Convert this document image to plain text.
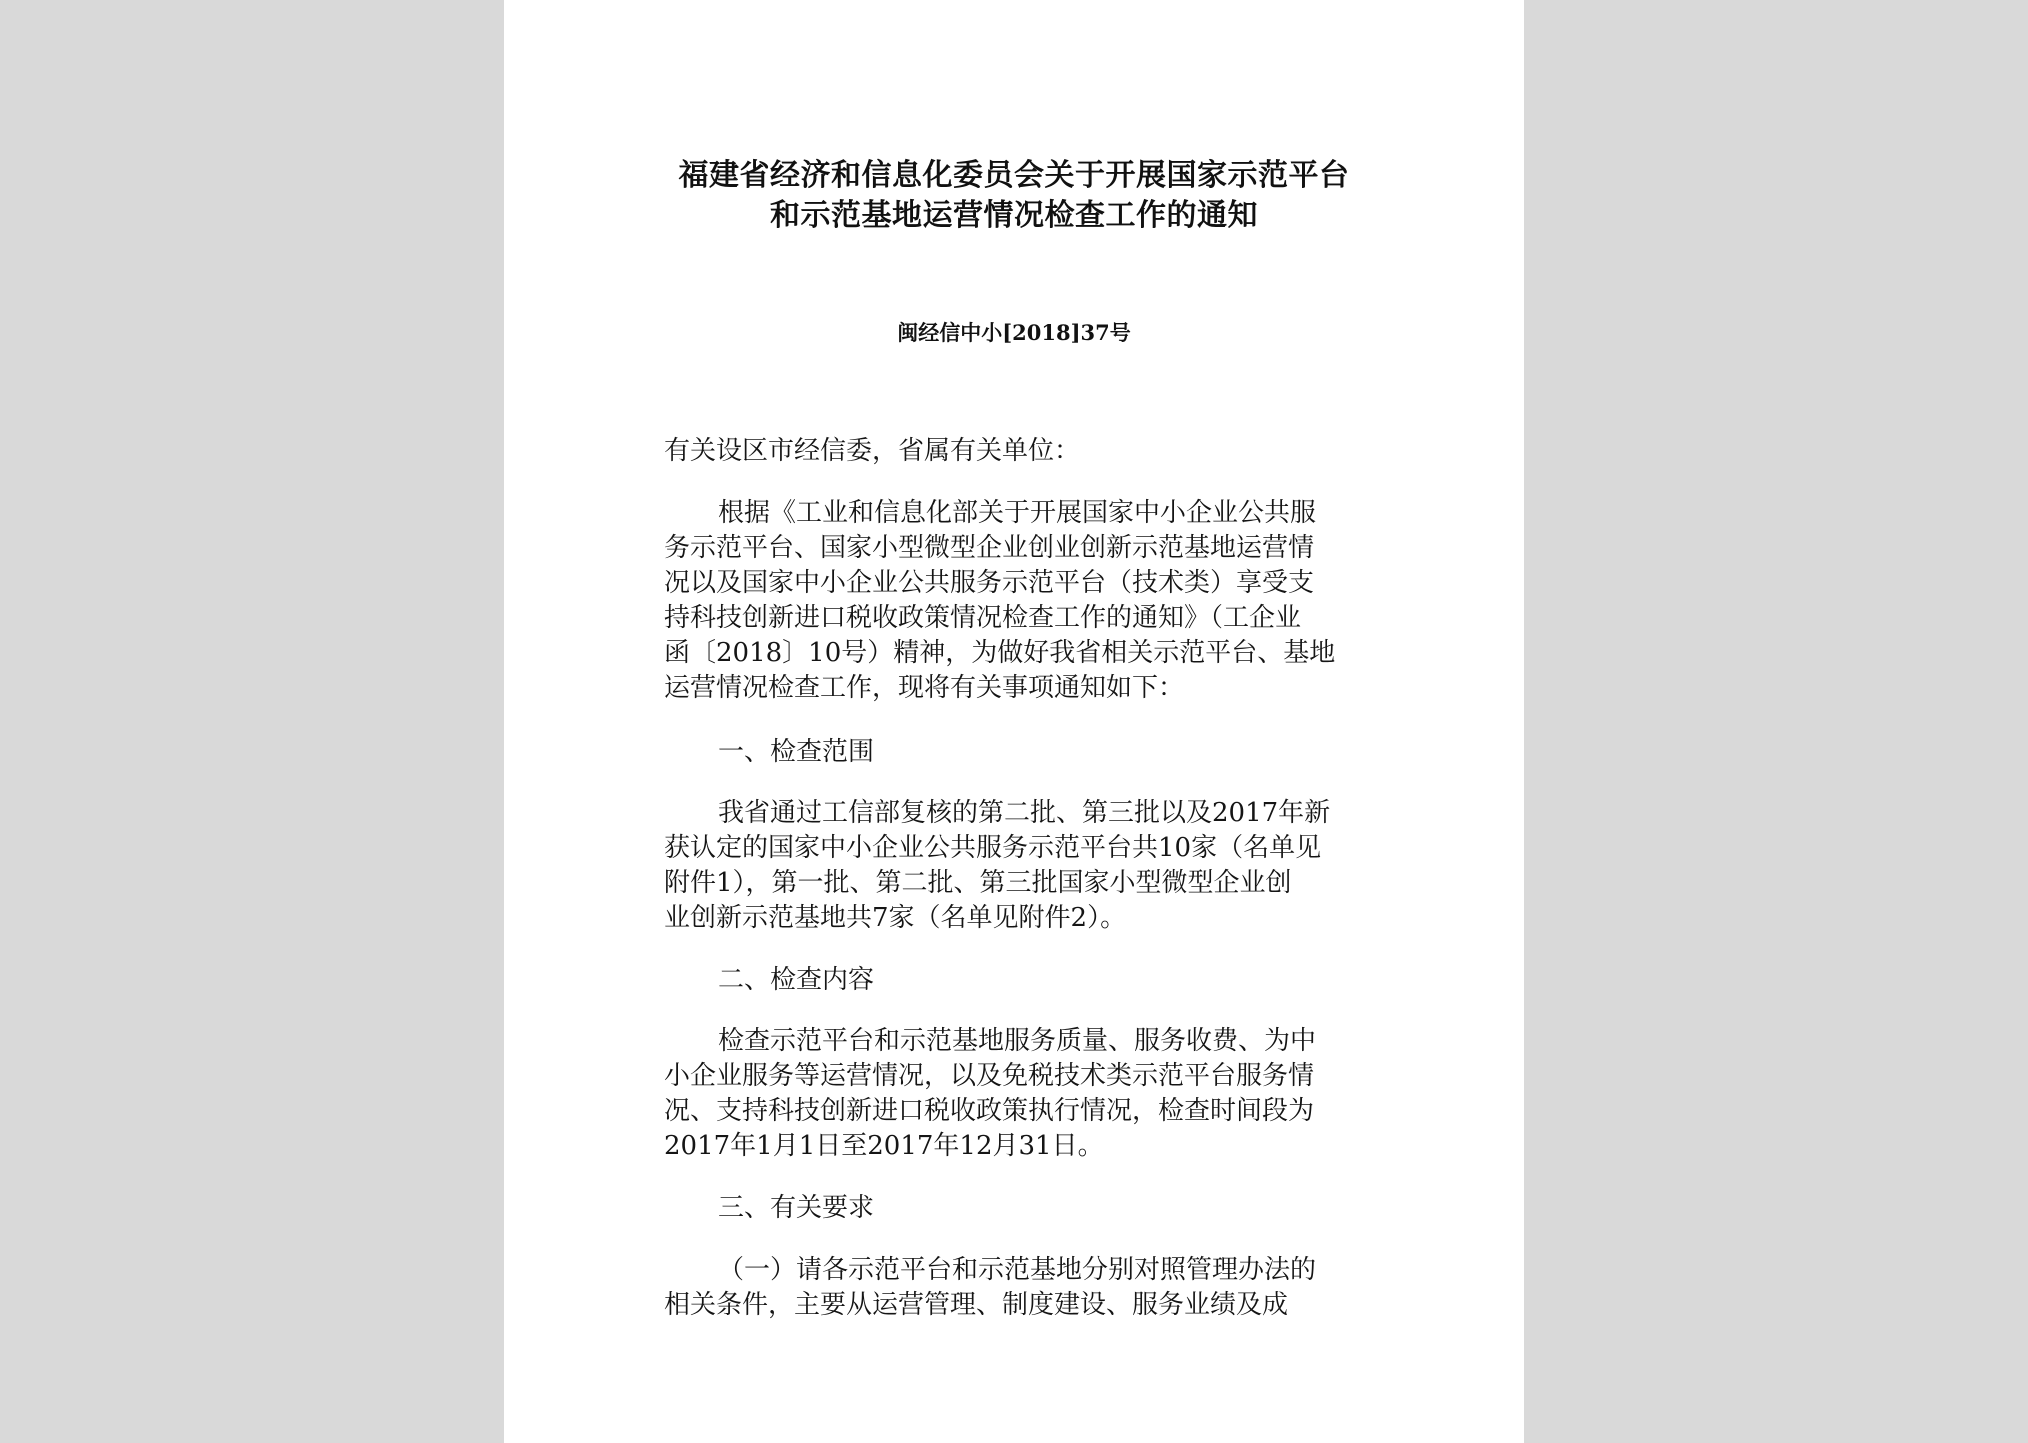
福建省经济和信息化委员会关于开展国家示范平台
和示范基地运营情况检查工作的通知
闽经信中小[2018]37号
有关设区市经信委，省属有关单位：
根据《工业和信息化部关于开展国家中小企业公共服
务示范平台、国家小型微型企业创业创新示范基地运营情
况以及国家中小企业公共服务示范平台（技术类）享受支
持科技创新进口税收政策情况检查工作的通知》（工企业
函〔2018〕10号）精神，为做好我省相关示范平台、基地
运营情况检查工作，现将有关事项通知如下：
一、检查范围
我省通过工信部复核的第二批、第三批以及2017年新
获认定的国家中小企业公共服务示范平台共10家（名单见
附件1），第一批、第二批、第三批国家小型微型企业创
业创新示范基地共7家（名单见附件2）。
二、检查内容
检查示范平台和示范基地服务质量、服务收费、为中
小企业服务等运营情况，以及免税技术类示范平台服务情
况、支持科技创新进口税收政策执行情况，检查时间段为
2017年1月1日至2017年12月31日。
三、有关要求
（一）请各示范平台和示范基地分别对照管理办法的
相关条件，主要从运营管理、制度建设、服务业绩及成
